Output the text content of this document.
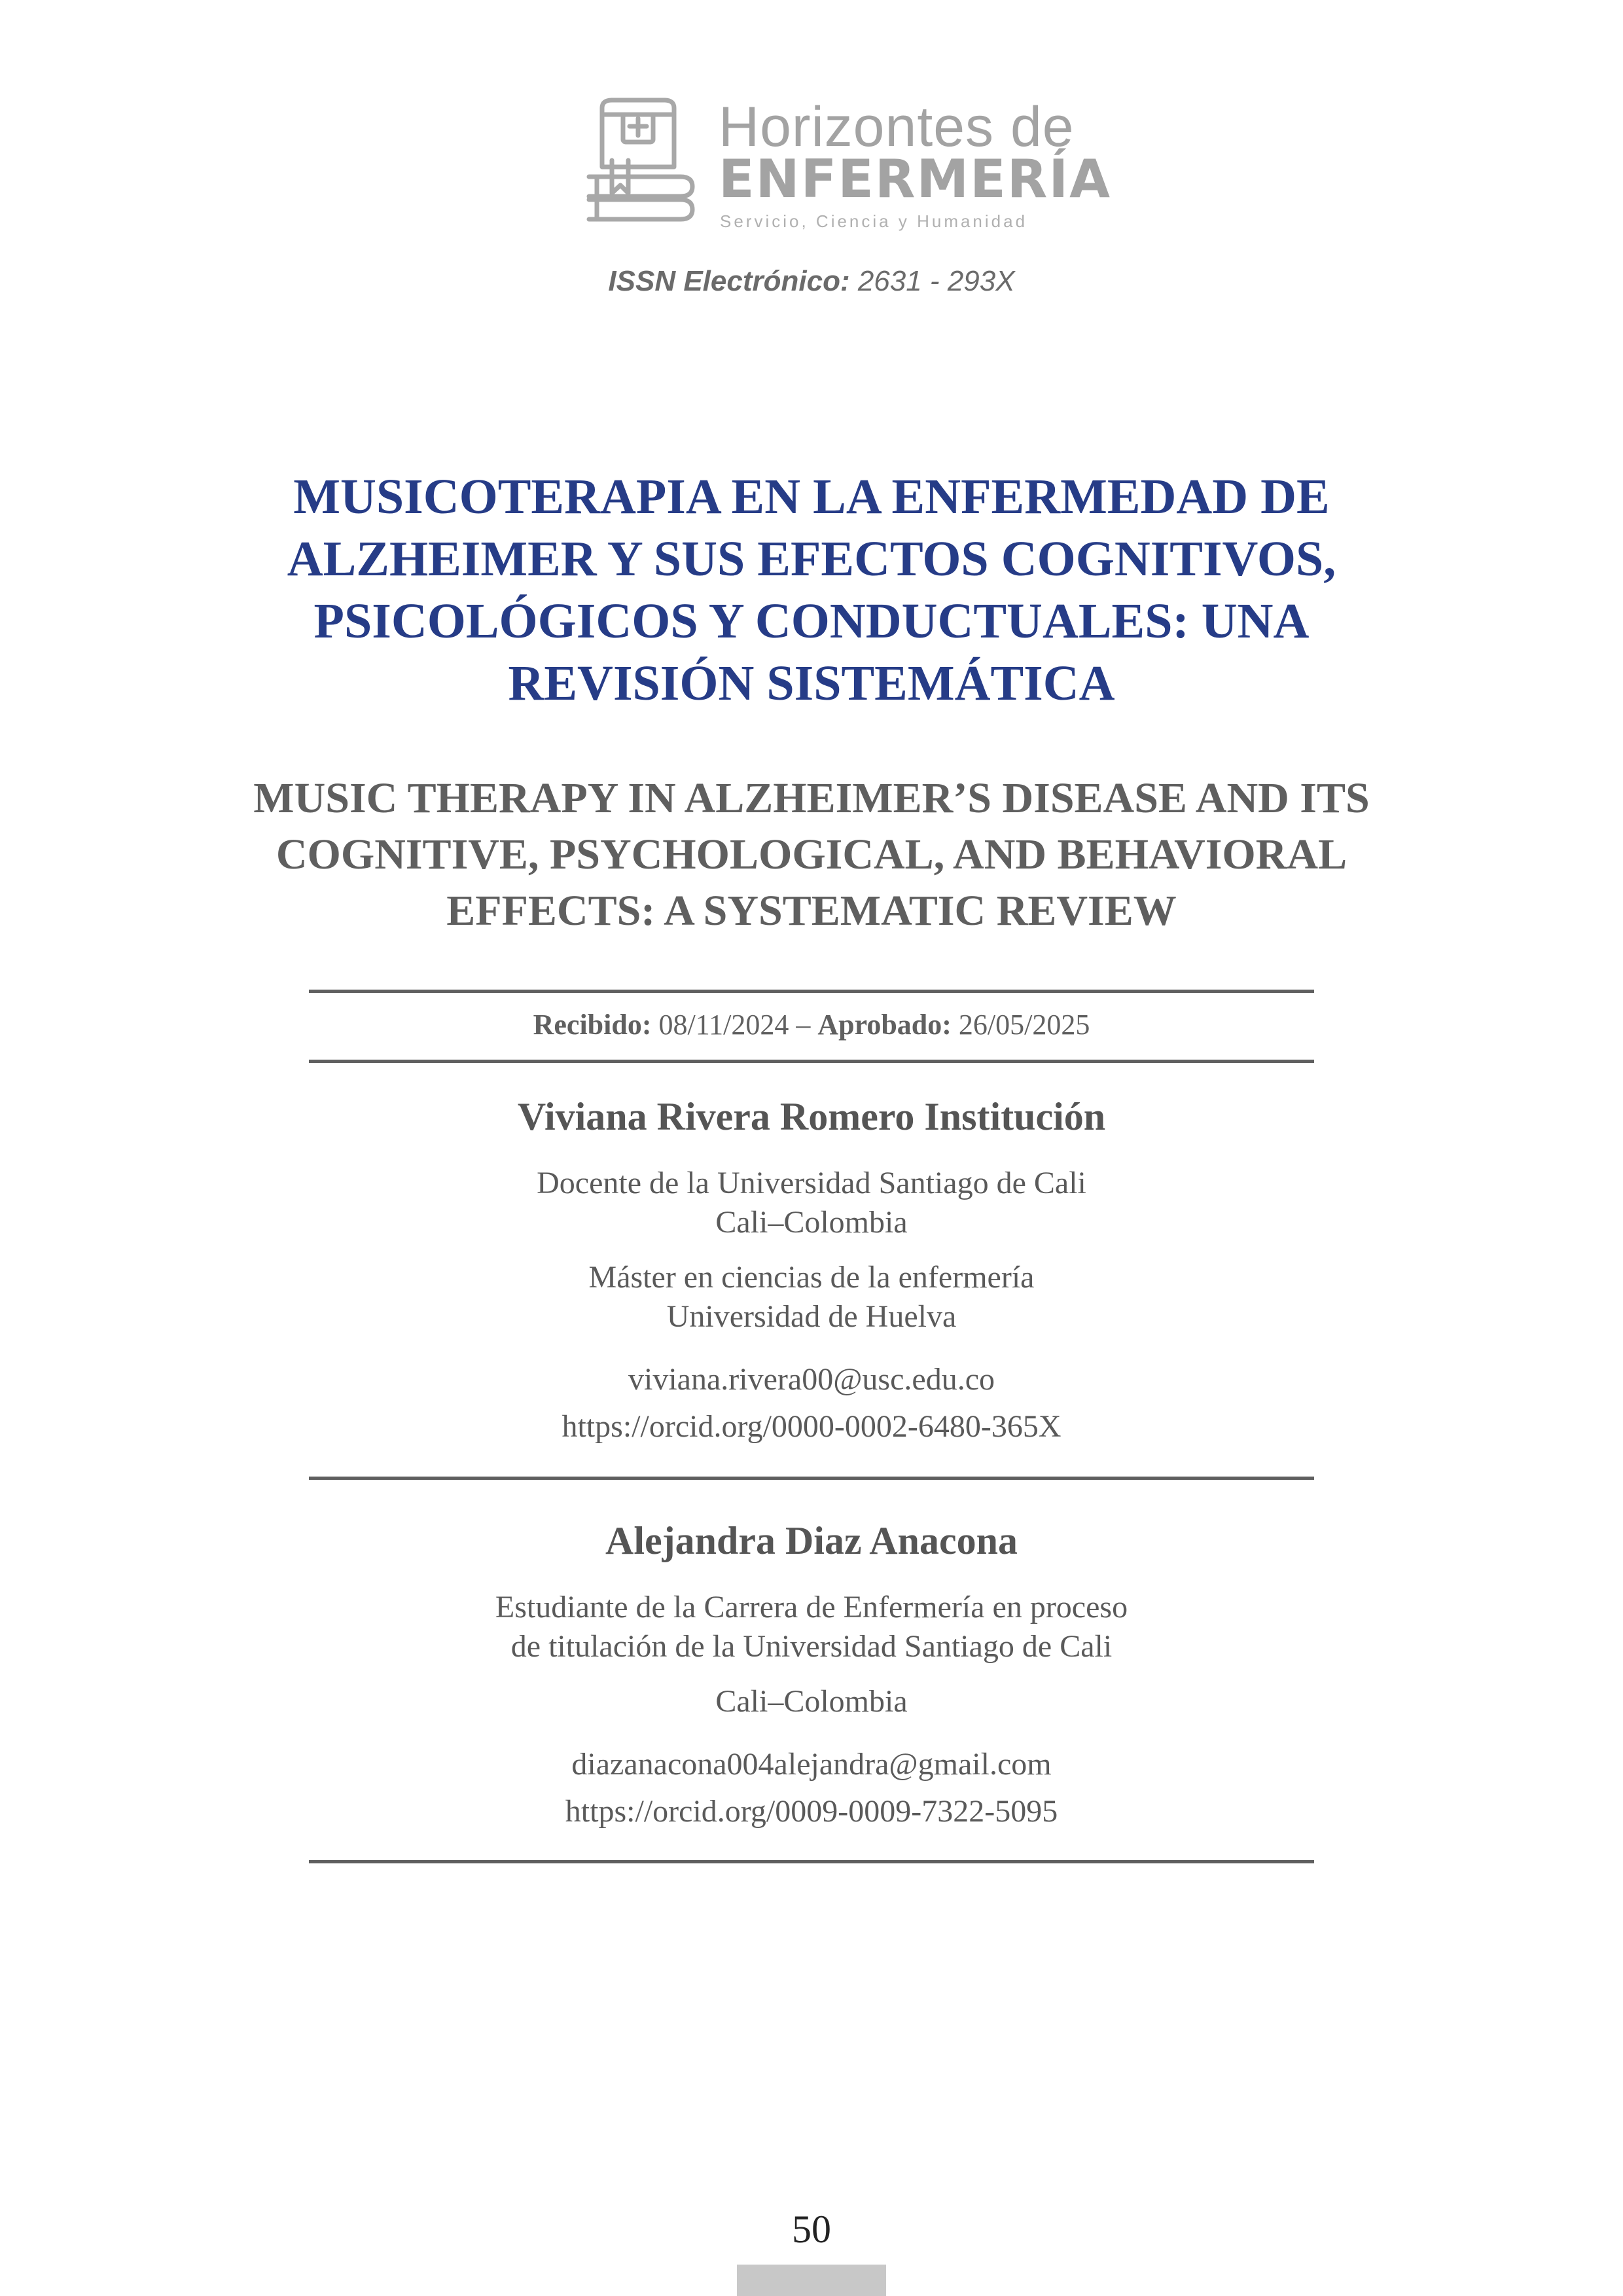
Horizontes de
ENFERMERÍA
Servicio, Ciencia y Humanidad
ISSN Electrónico: 2631 - 293X
MUSICOTERAPIA EN LA ENFERMEDAD DE ALZHEIMER Y SUS EFECTOS COGNITIVOS, PSICOLÓGICOS Y CONDUCTUALES: UNA REVISIÓN SISTEMÁTICA
MUSIC THERAPY IN ALZHEIMER’S DISEASE AND ITS COGNITIVE, PSYCHOLOGICAL, AND BEHAVIORAL EFFECTS: A SYSTEMATIC REVIEW
Recibido: 08/11/2024 – Aprobado: 26/05/2025
Viviana Rivera Romero Institución
Docente de la Universidad Santiago de Cali
Cali–Colombia
Máster en ciencias de la enfermería
Universidad de Huelva
viviana.rivera00@usc.edu.co
https://orcid.org/0000-0002-6480-365X
Alejandra Diaz Anacona
Estudiante de la Carrera de Enfermería en proceso
de titulación de la Universidad Santiago de Cali
Cali–Colombia
diazanacona004alejandra@gmail.com
https://orcid.org/0009-0009-7322-5095
50
